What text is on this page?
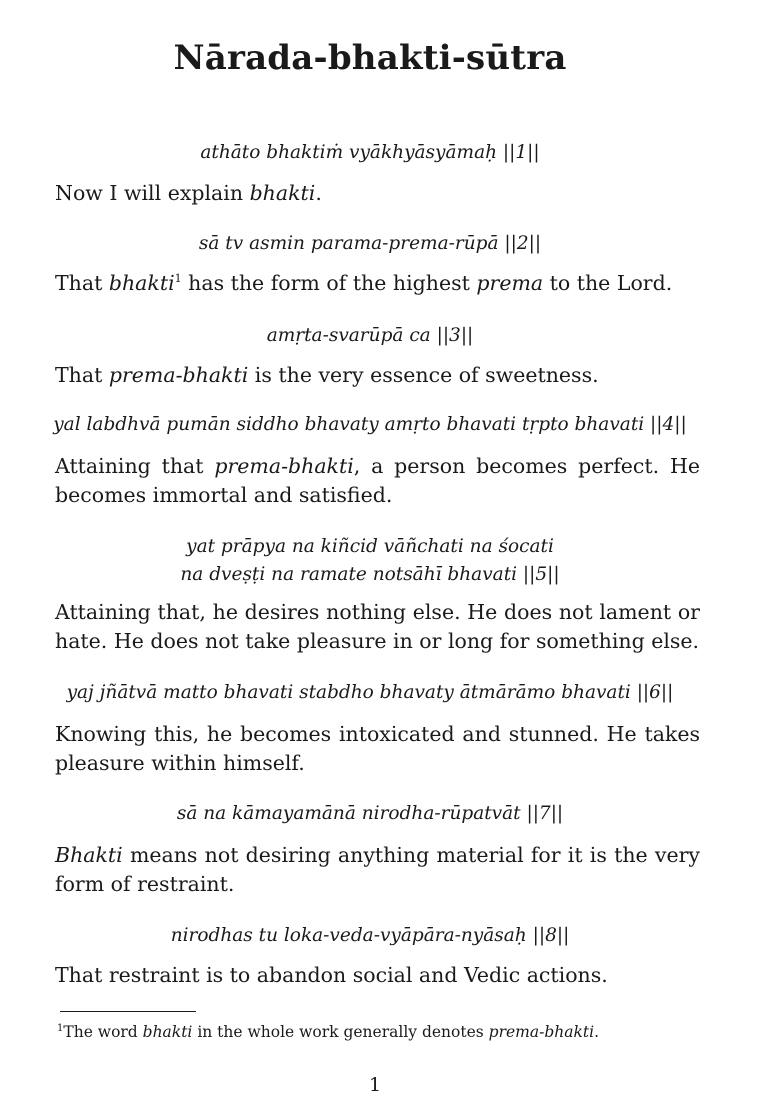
Nārada-bhakti-sūtra
athāto bhaktiṁ vyākhyāsyāmaḥ ||1||
Now I will explain bhakti.
sā tv asmin parama-prema-rūpā ||2||
That bhakti$^1$ has the form of the highest prema to the Lord.
amṛta-svarūpā ca ||3||
That prema-bhakti is the very essence of sweetness.
yal labdhvā pumān siddho bhavaty amṛto bhavati tṛpto bhavati ||4||
Attaining that prema-bhakti, a person becomes perfect. He becomes immortal and satisfied.
yat prāpya na kiñcid vāñchati na śocati
na dveṣṭi na ramate notsāhī bhavati ||5||
Attaining that, he desires nothing else. He does not lament or hate. He does not take pleasure in or long for something else.
yaj jñātvā matto bhavati stabdho bhavaty ātmārāmo bhavati ||6||
Knowing this, he becomes intoxicated and stunned. He takes pleasure within himself.
sā na kāmayamānā nirodha-rūpatvāt ||7||
Bhakti means not desiring anything material for it is the very form of restraint.
nirodhas tu loka-veda-vyāpāra-nyāsaḥ ||8||
That restraint is to abandon social and Vedic actions.
$^1$The word bhakti in the whole work generally denotes prema-bhakti.
1
